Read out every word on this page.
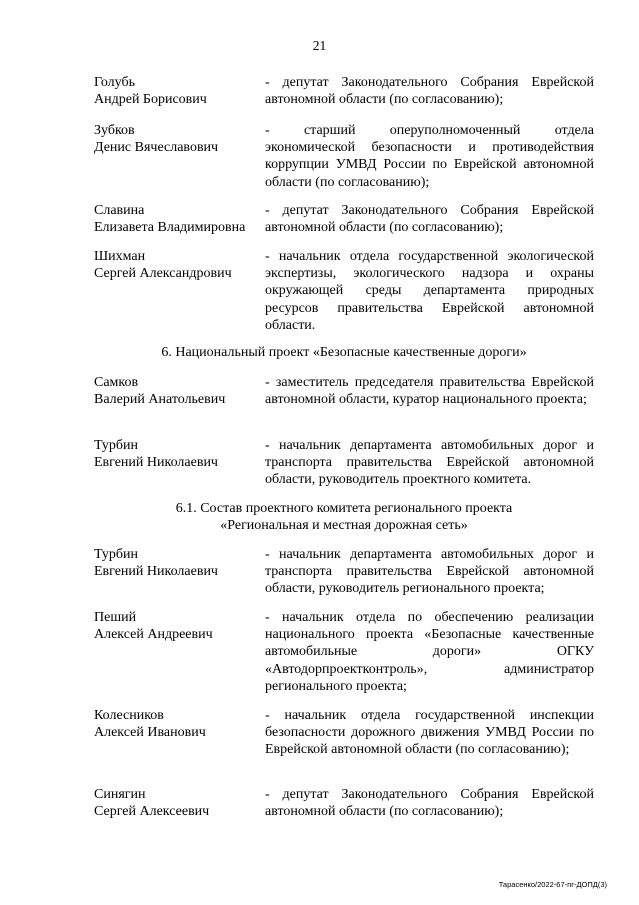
21
Голубь
Андрей Борисович
- депутат Законодательного Собрания Еврейской автономной области (по согласованию);
Зубков
Денис Вячеславович
- старший оперуполномоченный отдела экономической безопасности и противодействия коррупции УМВД России по Еврейской автономной области (по согласованию);
Славина
Елизавета Владимировна
- депутат Законодательного Собрания Еврейской автономной области (по согласованию);
Шихман
Сергей Александрович
- начальник отдела государственной экологической экспертизы, экологического надзора и охраны окружающей среды департамента природных ресурсов правительства Еврейской автономной области.
6. Национальный проект «Безопасные качественные дороги»
Самков
Валерий Анатольевич
- заместитель председателя правительства Еврейской автономной области, куратор национального проекта;
Турбин
Евгений Николаевич
- начальник департамента автомобильных дорог и транспорта правительства Еврейской автономной области, руководитель проектного комитета.
6.1. Состав проектного комитета регионального проекта
«Региональная и местная дорожная сеть»
Турбин
Евгений Николаевич
- начальник департамента автомобильных дорог и транспорта правительства Еврейской автономной области, руководитель регионального проекта;
Пеший
Алексей Андреевич
- начальник отдела по обеспечению реализации национального проекта «Безопасные качественные автомобильные дороги» ОГКУ «Автодорпроектконтроль», администратор регионального проекта;
Колесников
Алексей Иванович
- начальник отдела государственной инспекции безопасности дорожного движения УМВД России по Еврейской автономной области (по согласованию);
Синягин
Сергей Алексеевич
- депутат Законодательного Собрания Еврейской автономной области (по согласованию);
Тарасенко/2022-67-пг-ДОПД(3)
